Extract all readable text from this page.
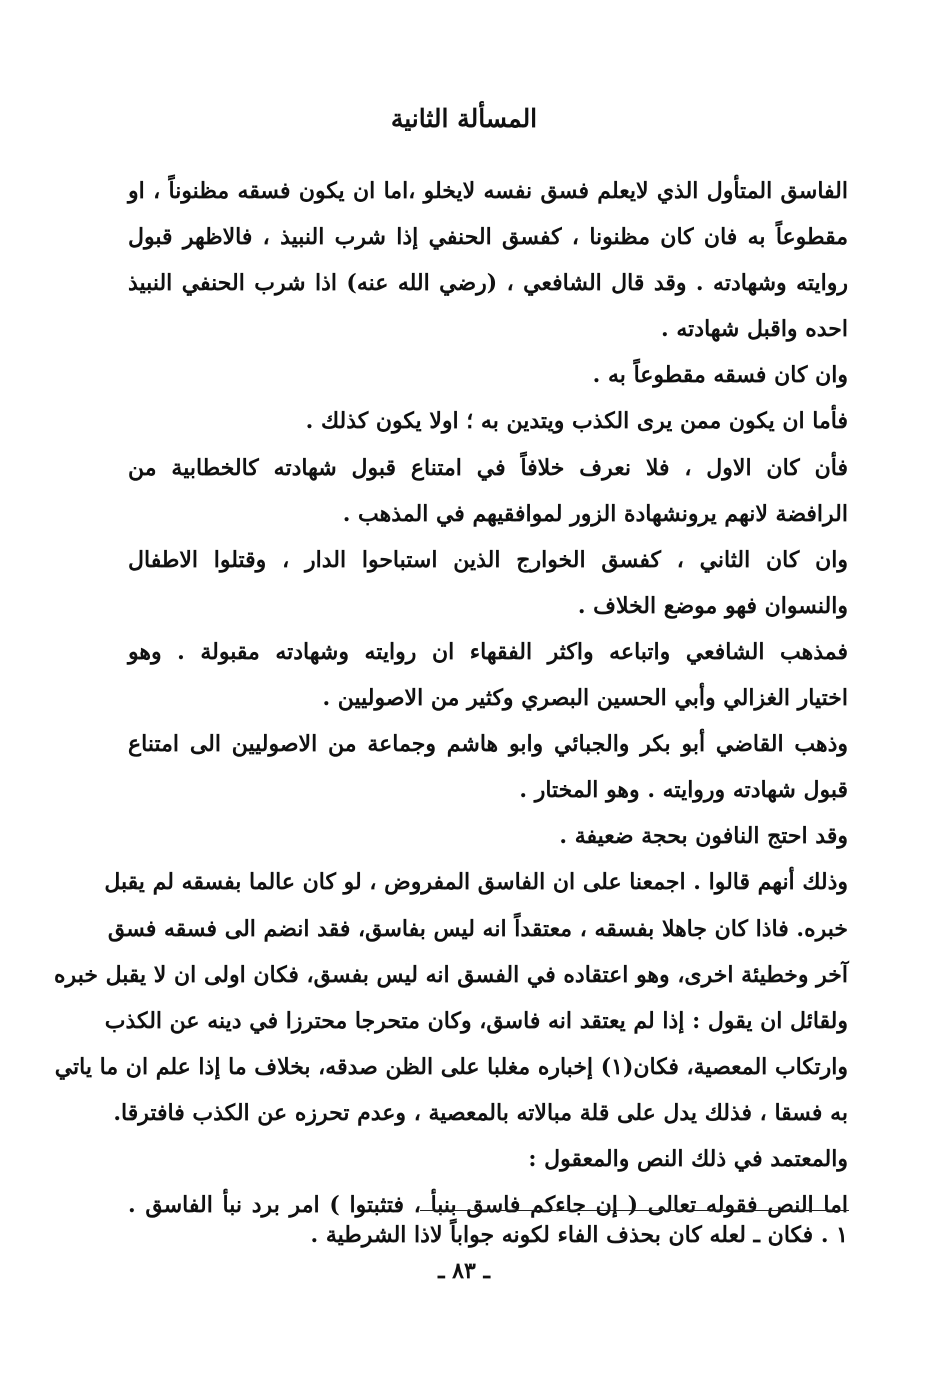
المسألة الثانية
الفاسق المتأول الذي لايعلم فسق نفسه لايخلو ،اما ان يكون فسقه مظنوناً ، او
مقطوعاً به فان كان مظنونا ، كفسق الحنفي إذا شرب النبيذ ، فالاظهر قبول
روايته وشهادته . وقد قال الشافعي ، (رضي الله عنه) اذا شرب الحنفي النبيذ
احده واقبل شهادته .
وان كان فسقه مقطوعاً به .
فأما ان يكون ممن يرى الكذب ويتدين به ؛ اولا يكون كذلك .
فأن كان الاول ، فلا نعرف خلافاً في امتناع قبول شهادته كالخطابية من
الرافضة لانهم يرونشهادة الزور لموافقيهم في المذهب .
وان كان الثاني ، كفسق الخوارج الذين استباحوا الدار ، وقتلوا الاطفال
والنسوان فهو موضع الخلاف .
فمذهب الشافعي واتباعه واكثر الفقهاء ان روايته وشهادته مقبولة . وهو
اختيار الغزالي وأبي الحسين البصري وكثير من الاصوليين .
وذهب القاضي أبو بكر والجبائي وابو هاشم وجماعة من الاصوليين الى امتناع
قبول شهادته وروايته . وهو المختار .
وقد احتج النافون بحجة ضعيفة .
وذلك أنهم قالوا . اجمعنا على ان الفاسق المفروض ، لو كان عالما بفسقه لم يقبل
خبره. فاذا كان جاهلا بفسقه ، معتقداً انه ليس بفاسق، فقد انضم الى فسقه فسق
آخر وخطيئة اخرى، وهو اعتقاده في الفسق انه ليس بفسق، فكان اولى ان لا يقبل خبره
ولقائل ان يقول : إذا لم يعتقد انه فاسق، وكان متحرجا محترزا في دينه عن الكذب
وارتكاب المعصية، فكان(١) إخباره مغلبا على الظن صدقه، بخلاف ما إذا علم ان ما ياتي
به فسقا ، فذلك يدل على قلة مبالاته بالمعصية ، وعدم تحرزه عن الكذب فافترقا.
والمعتمد في ذلك النص والمعقول :
اما النص فقوله تعالى ( إن جاءكم فاسق بنبأ ، فتثبتوا ) امر برد نبأ الفاسق .
١ . فكان ـ لعله كان بحذف الفاء لكونه جواباً لاذا الشرطية .
ـ ٨٣ ـ
